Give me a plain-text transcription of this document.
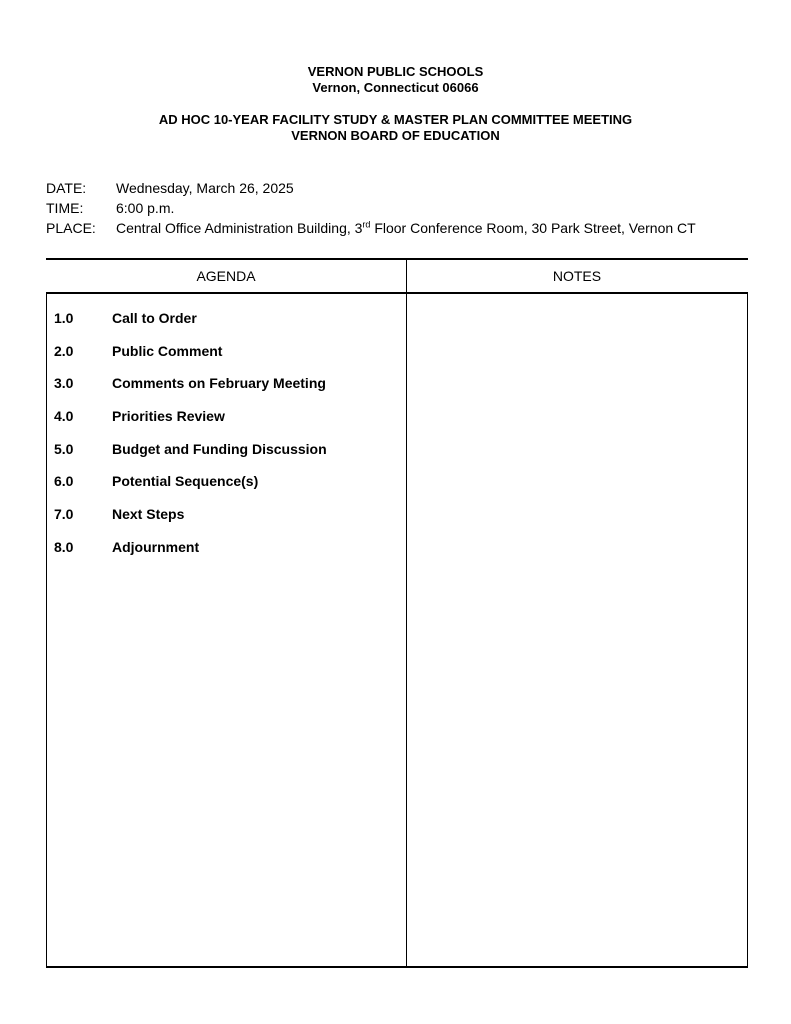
VERNON PUBLIC SCHOOLS
Vernon, Connecticut 06066
AD HOC 10-YEAR FACILITY STUDY & MASTER PLAN COMMITTEE MEETING
VERNON BOARD OF EDUCATION
DATE:	Wednesday, March 26, 2025
TIME:	6:00 p.m.
PLACE:	Central Office Administration Building, 3rd Floor Conference Room, 30 Park Street, Vernon CT
AGENDA	NOTES
1.0	Call to Order
2.0	Public Comment
3.0	Comments on February Meeting
4.0	Priorities Review
5.0	Budget and Funding Discussion
6.0	Potential Sequence(s)
7.0	Next Steps
8.0	Adjournment
